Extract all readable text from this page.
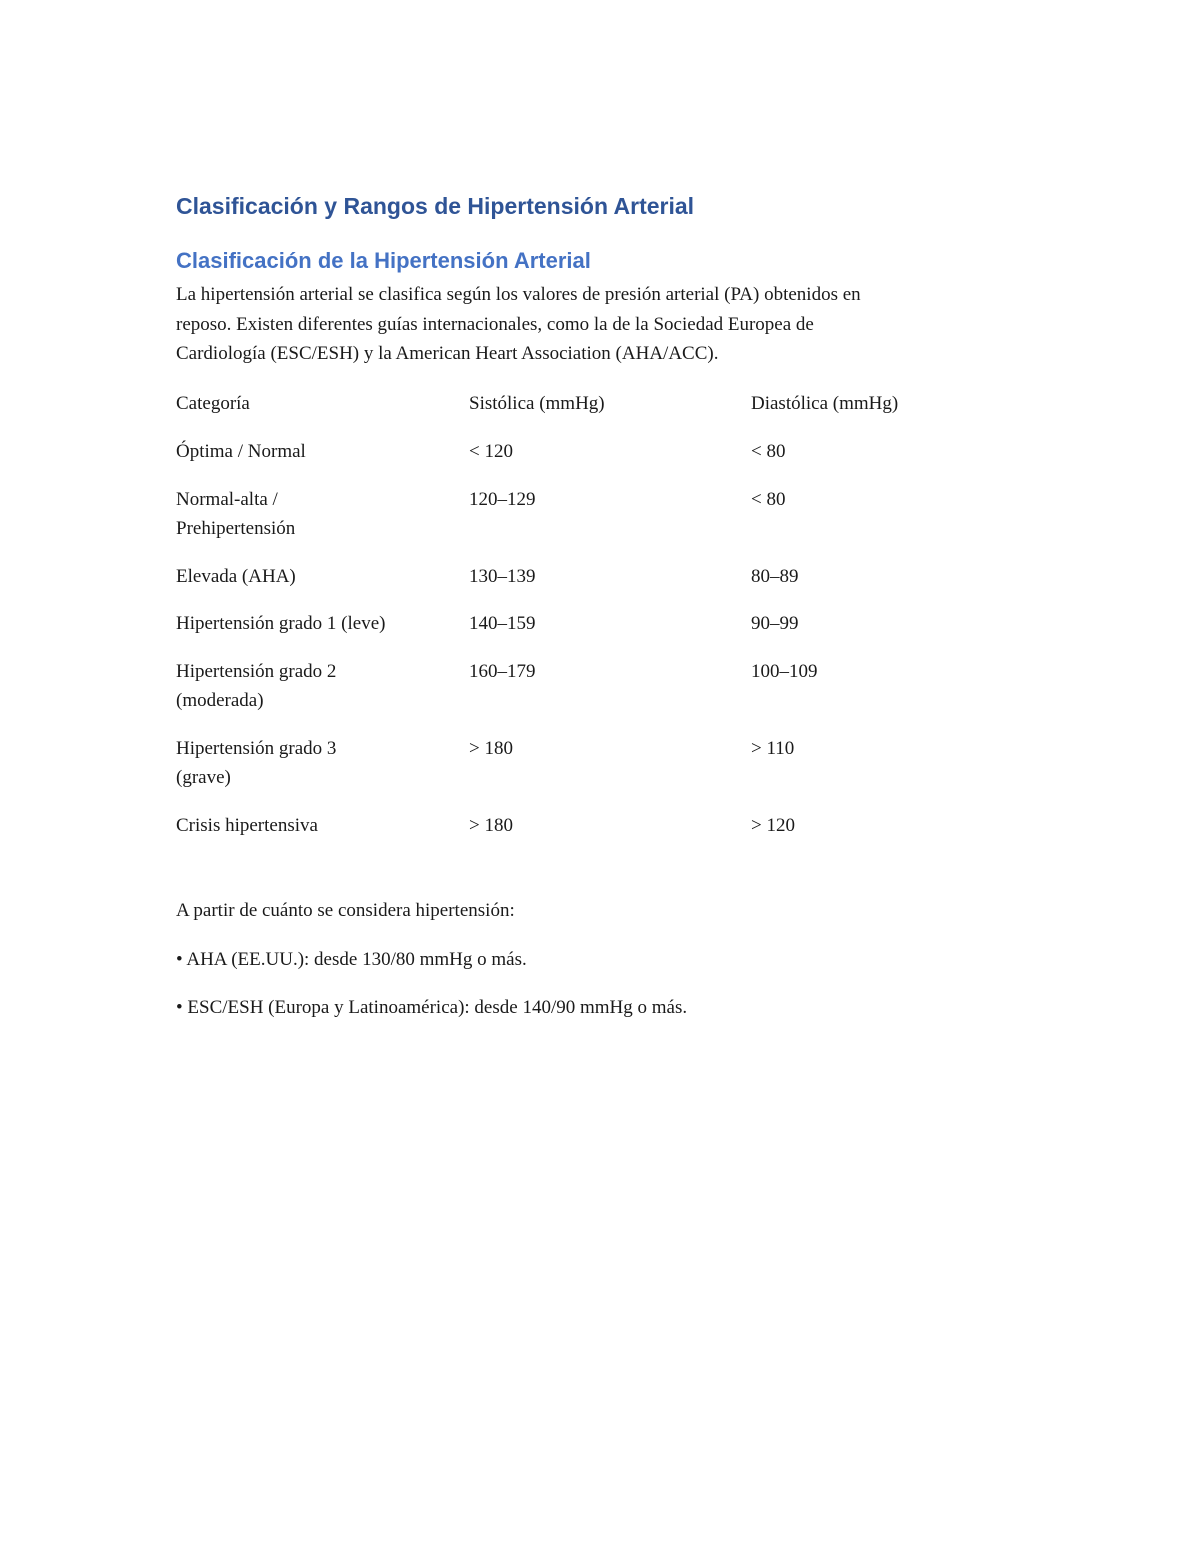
Clasificación y Rangos de Hipertensión Arterial
Clasificación de la Hipertensión Arterial

La hipertensión arterial se clasifica según los valores de presión arterial (PA) obtenidos en
reposo. Existen diferentes guías internacionales, como la de la Sociedad Europea de
Cardiología (ESC/ESH) y la American Heart Association (AHA/ACC).

Categoría	Sistólica (mmHg)	Diastólica (mmHg)
Óptima / Normal	< 120	< 80
Normal-alta /
Prehipertensión	120–129	< 80
Elevada (AHA)	130–139	80–89
Hipertensión grado 1 (leve)	140–159	90–99
Hipertensión grado 2
(moderada)	160–179	100–109
Hipertensión grado 3
(grave)	> 180	> 110
Crisis hipertensiva	> 180	> 120

A partir de cuánto se considera hipertensión:

• AHA (EE.UU.): desde 130/80 mmHg o más.

• ESC/ESH (Europa y Latinoamérica): desde 140/90 mmHg o más.
